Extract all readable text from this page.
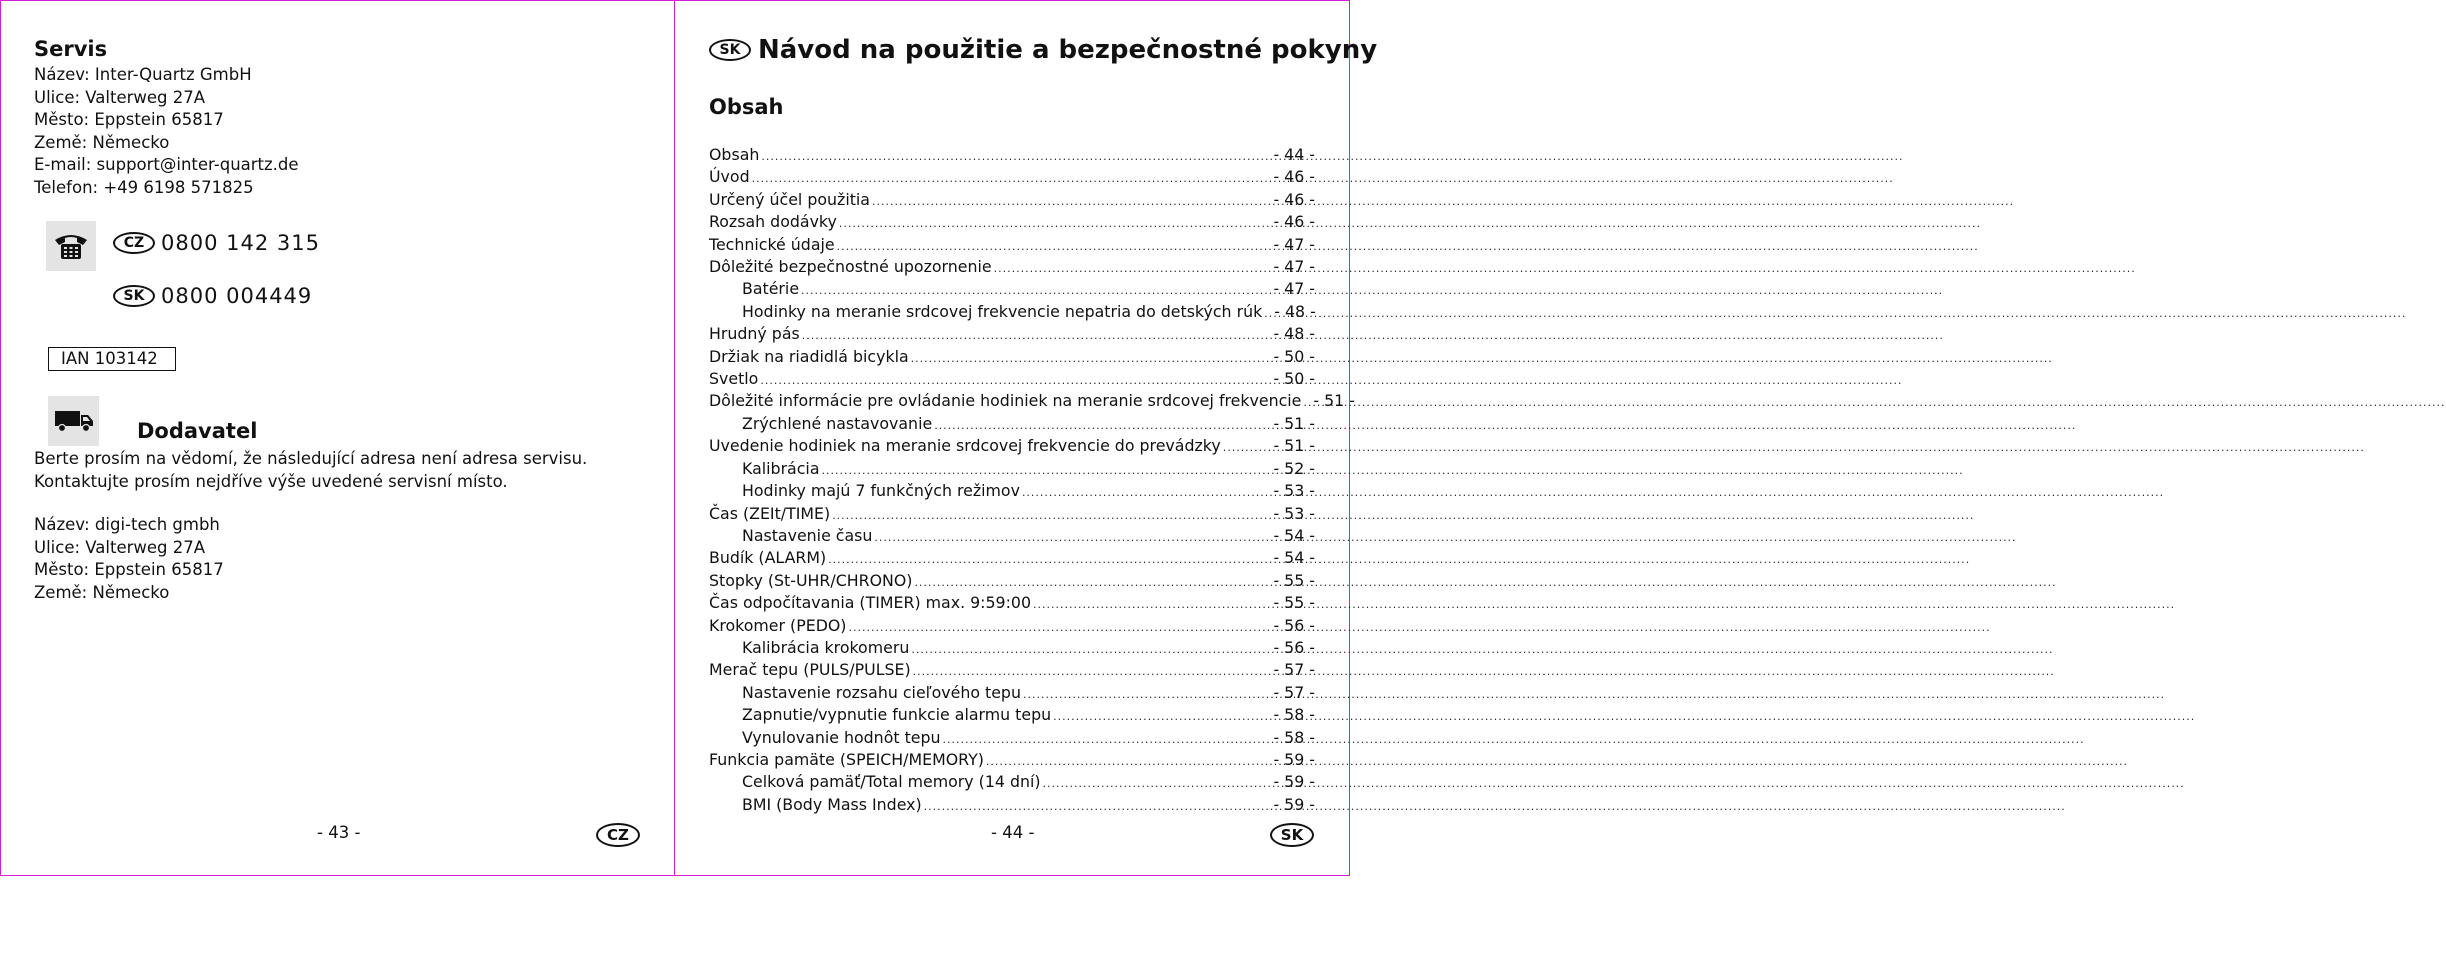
Servis
Název: Inter-Quartz GmbH
Ulice: Valterweg 27A
Město: Eppstein 65817
Země: Německo
E-mail: support@inter-quartz.de
Telefon: +49 6198 571825
CZ 0800 142 315
SK 0800 004449
IAN 103142
Dodavatel
Berte prosím na vědomí, že následující adresa není adresa servisu. Kontaktujte prosím nejdříve výše uvedené servisní místo.
Název: digi-tech gmbh
Ulice: Valterweg 27A
Město: Eppstein 65817
Země: Německo
- 43 -	CZ
SK Návod na použitie a bezpečnostné pokyny
Obsah
Obsah .....	- 44 -
Úvod .....	- 46 -
Určený účel použitia .....	- 46 -
Rozsah dodávky .....	- 46 -
Technické údaje .....	- 47 -
Dôležité bezpečnostné upozornenie .....	- 47 -
Batérie .....	- 47 -
Hodinky na meranie srdcovej frekvencie nepatria do detských rúk ..... - 48 -
Hrudný pás .....	- 48 -
Držiak na riadidlá bicykla .....	- 50 -
Svetlo .....	- 50 -
Dôležité informácie pre ovládanie hodiniek na meranie srdcovej frekvencie ..... - 51 -
Zrýchlené nastavovanie .....	- 51 -
Uvedenie hodiniek na meranie srdcovej frekvencie do prevádzky .....	- 51 -
Kalibrácia .....	- 52 -
Hodinky majú 7 funkčných režimov .....	- 53 -
Čas (ZEIt/TIME) .....	- 53 -
Nastavenie času .....	- 54 -
Budík (ALARM) .....	- 54 -
Stopky (St-UHR/CHRONO) .....	- 55 -
Čas odpočítavania (TIMER) max. 9:59:00 .....	- 55 -
Krokomer (PEDO) .....	- 56 -
Kalibrácia krokomeru .....	- 56 -
Merač tepu (PULS/PULSE) .....	- 57 -
Nastavenie rozsahu cieľového tepu .....	- 57 -
Zapnutie/vypnutie funkcie alarmu tepu .....	- 58 -
Vynulovanie hodnôt tepu .....	- 58 -
Funkcia pamäte (SPEICH/MEMORY) .....	- 59 -
Celková pamäť/Total memory (14 dní) .....	- 59 -
BMI (Body Mass Index) .....	- 59 -
- 44 -	SK
